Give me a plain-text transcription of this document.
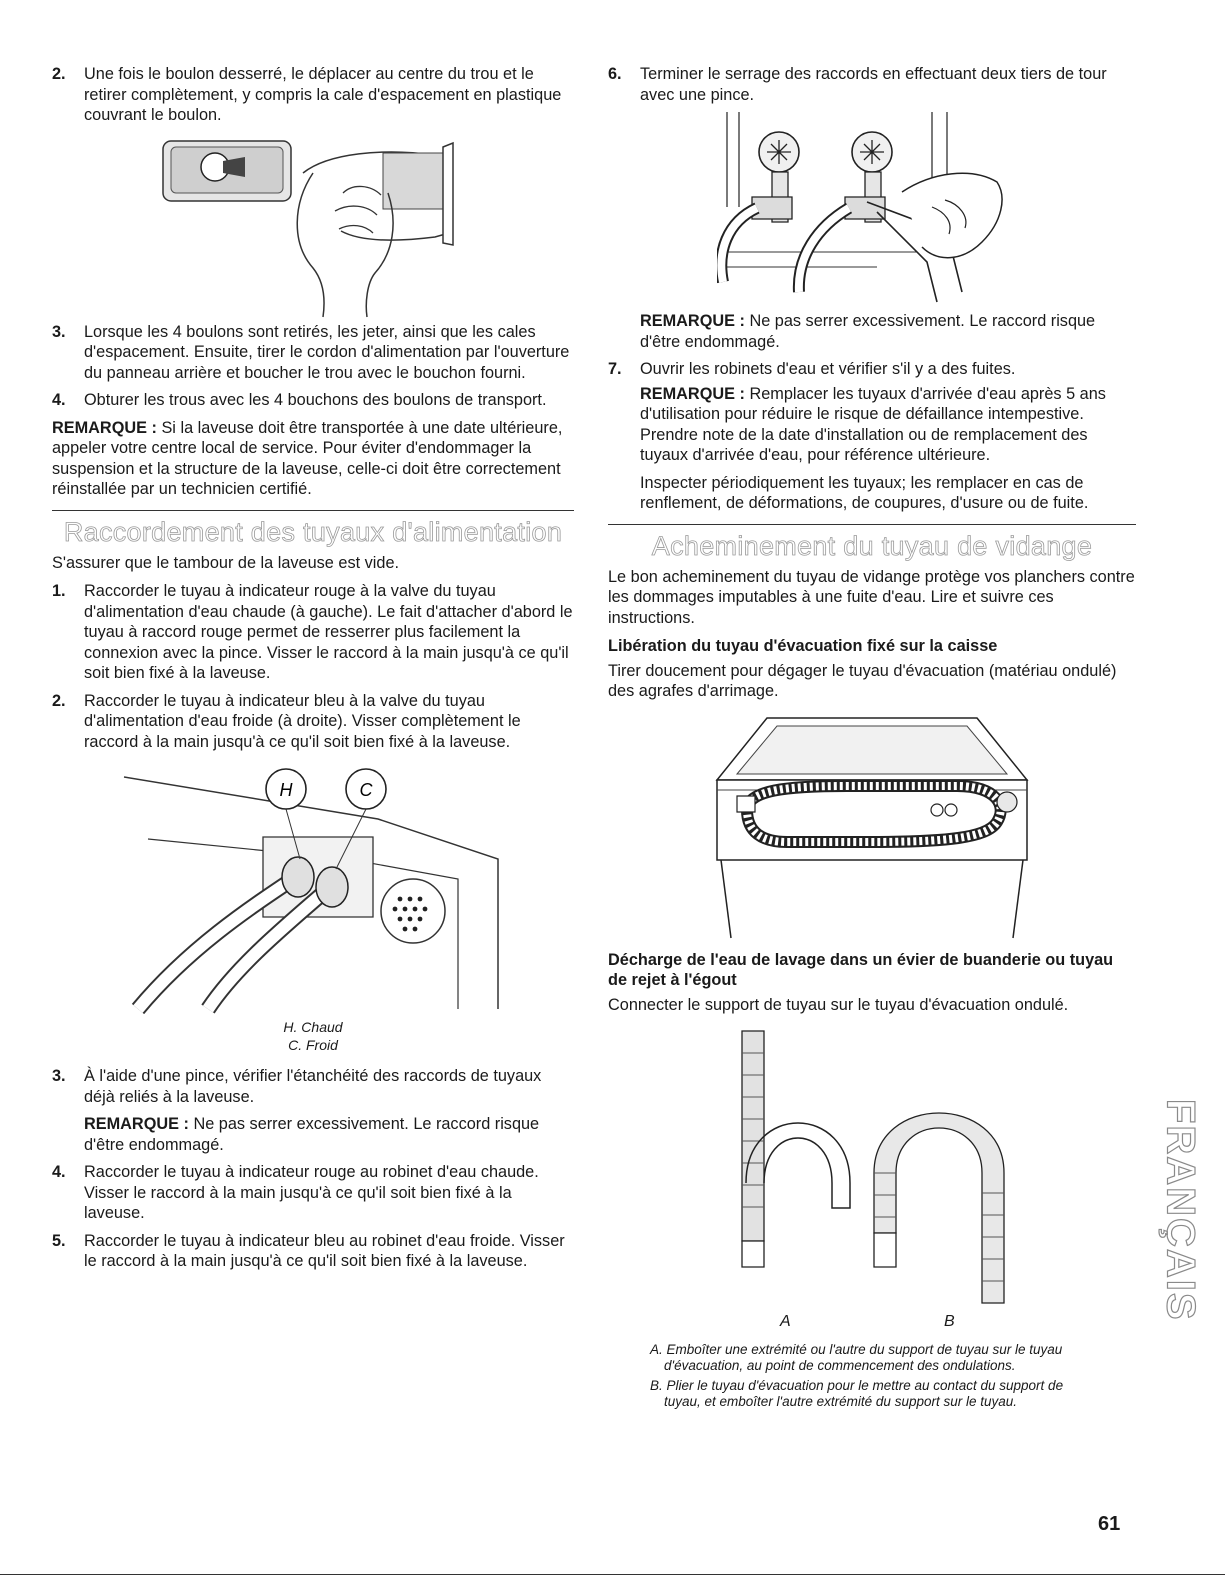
2.	Une fois le boulon desserré, le déplacer au centre du trou et le retirer complètement, y compris la cale d'espacement en plastique couvrant le boulon.
3.	Lorsque les 4 boulons sont retirés, les jeter, ainsi que les cales d'espacement. Ensuite, tirer le cordon d'alimentation par l'ouverture du panneau arrière et boucher le trou avec le bouchon fourni.
4.	Obturer les trous avec les 4 bouchons des boulons de transport.

REMARQUE : Si la laveuse doit être transportée à une date ultérieure, appeler votre centre local de service. Pour éviter d'endommager la suspension et la structure de la laveuse, celle-ci doit être correctement réinstallée par un technicien certifié.

Raccordement des tuyaux d'alimentation

S'assurer que le tambour de la laveuse est vide.

1.	Raccorder le tuyau à indicateur rouge à la valve du tuyau d'alimentation d'eau chaude (à gauche). Le fait d'attacher d'abord le tuyau à raccord rouge permet de resserrer plus facilement la connexion avec la pince. Visser le raccord à la main jusqu'à ce qu'il soit bien fixé à la laveuse.
2.	Raccorder le tuyau à indicateur bleu à la valve du tuyau d'alimentation d'eau froide (à droite). Visser complètement le raccord à la main jusqu'à ce qu'il soit bien fixé à la laveuse.
H	C
H. Chaud
C. Froid
3.	À l'aide d'une pince, vérifier l'étanchéité des raccords de tuyaux déjà reliés à la laveuse.

REMARQUE : Ne pas serrer excessivement. Le raccord risque d'être endommagé.

4.	Raccorder le tuyau à indicateur rouge au robinet d'eau chaude. Visser le raccord à la main jusqu'à ce qu'il soit bien fixé à la laveuse.
5.	Raccorder le tuyau à indicateur bleu au robinet d'eau froide. Visser le raccord à la main jusqu'à ce qu'il soit bien fixé à la laveuse.
6.	Terminer le serrage des raccords en effectuant deux tiers de tour avec une pince.

REMARQUE : Ne pas serrer excessivement. Le raccord risque d'être endommagé.

7.	Ouvrir les robinets d'eau et vérifier s'il y a des fuites.

REMARQUE : Remplacer les tuyaux d'arrivée d'eau après 5 ans d'utilisation pour réduire le risque de défaillance intempestive. Prendre note de la date d'installation ou de remplacement des tuyaux d'arrivée d'eau, pour référence ultérieure.

Inspecter périodiquement les tuyaux; les remplacer en cas de renflement, de déformations, de coupures, d'usure ou de fuite.

Acheminement du tuyau de vidange

Le bon acheminement du tuyau de vidange protège vos planchers contre les dommages imputables à une fuite d'eau. Lire et suivre ces instructions.

Libération du tuyau d'évacuation fixé sur la caisse

Tirer doucement pour dégager le tuyau d'évacuation (matériau ondulé) des agrafes d'arrimage.

Décharge de l'eau de lavage dans un évier de buanderie ou tuyau de rejet à l'égout

Connecter le support de tuyau sur le tuyau d'évacuation ondulé.

A	B

A. Emboîter une extrémité ou l'autre du support de tuyau sur le tuyau d'évacuation, au point de commencement des ondulations.

B. Plier le tuyau d'évacuation pour le mettre au contact du support de tuyau, et emboîter l'autre extrémité du support sur le tuyau.

FRANÇAIS
61
